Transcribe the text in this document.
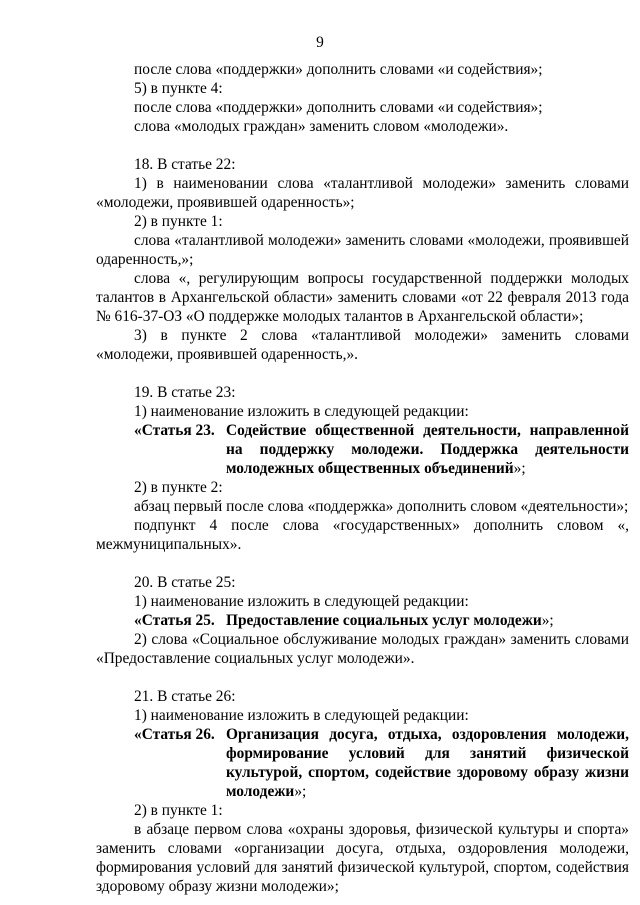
9

после слова «поддержки» дополнить словами «и содействия»;

5) в пункте 4:

после слова «поддержки» дополнить словами «и содействия»;

слова «молодых граждан» заменить словом «молодежи».

18. В статье 22:

1) в наименовании слова «талантливой молодежи» заменить словами «молодежи, проявившей одаренность»;

2) в пункте 1:

слова «талантливой молодежи» заменить словами «молодежи, проявившей одаренность,»;

слова «, регулирующим вопросы государственной поддержки молодых талантов в Архангельской области» заменить словами «от 22 февраля 2013 года № 616-37-ОЗ «О поддержке молодых талантов в Архангельской области»;

3) в пункте 2 слова «талантливой молодежи» заменить словами «молодежи, проявившей одаренность,».

19. В статье 23:

1) наименование изложить в следующей редакции:

«Статья 23. Содействие общественной деятельности, направленной на поддержку молодежи. Поддержка деятельности молодежных общественных объединений»;

2) в пункте 2:

абзац первый после слова «поддержка» дополнить словом «деятельности»;

подпункт 4 после слова «государственных» дополнить словом «, межмуниципальных».

20. В статье 25:

1) наименование изложить в следующей редакции:

«Статья 25. Предоставление социальных услуг молодежи»;

2) слова «Социальное обслуживание молодых граждан» заменить словами «Предоставление социальных услуг молодежи».

21. В статье 26:

1) наименование изложить в следующей редакции:

«Статья 26. Организация досуга, отдыха, оздоровления молодежи, формирование условий для занятий физической культурой, спортом, содействие здоровому образу жизни молодежи»;

2) в пункте 1:

в абзаце первом слова «охраны здоровья, физической культуры и спорта» заменить словами «организации досуга, отдыха, оздоровления молодежи, формирования условий для занятий физической культурой, спортом, содействия здоровому образу жизни молодежи»;
